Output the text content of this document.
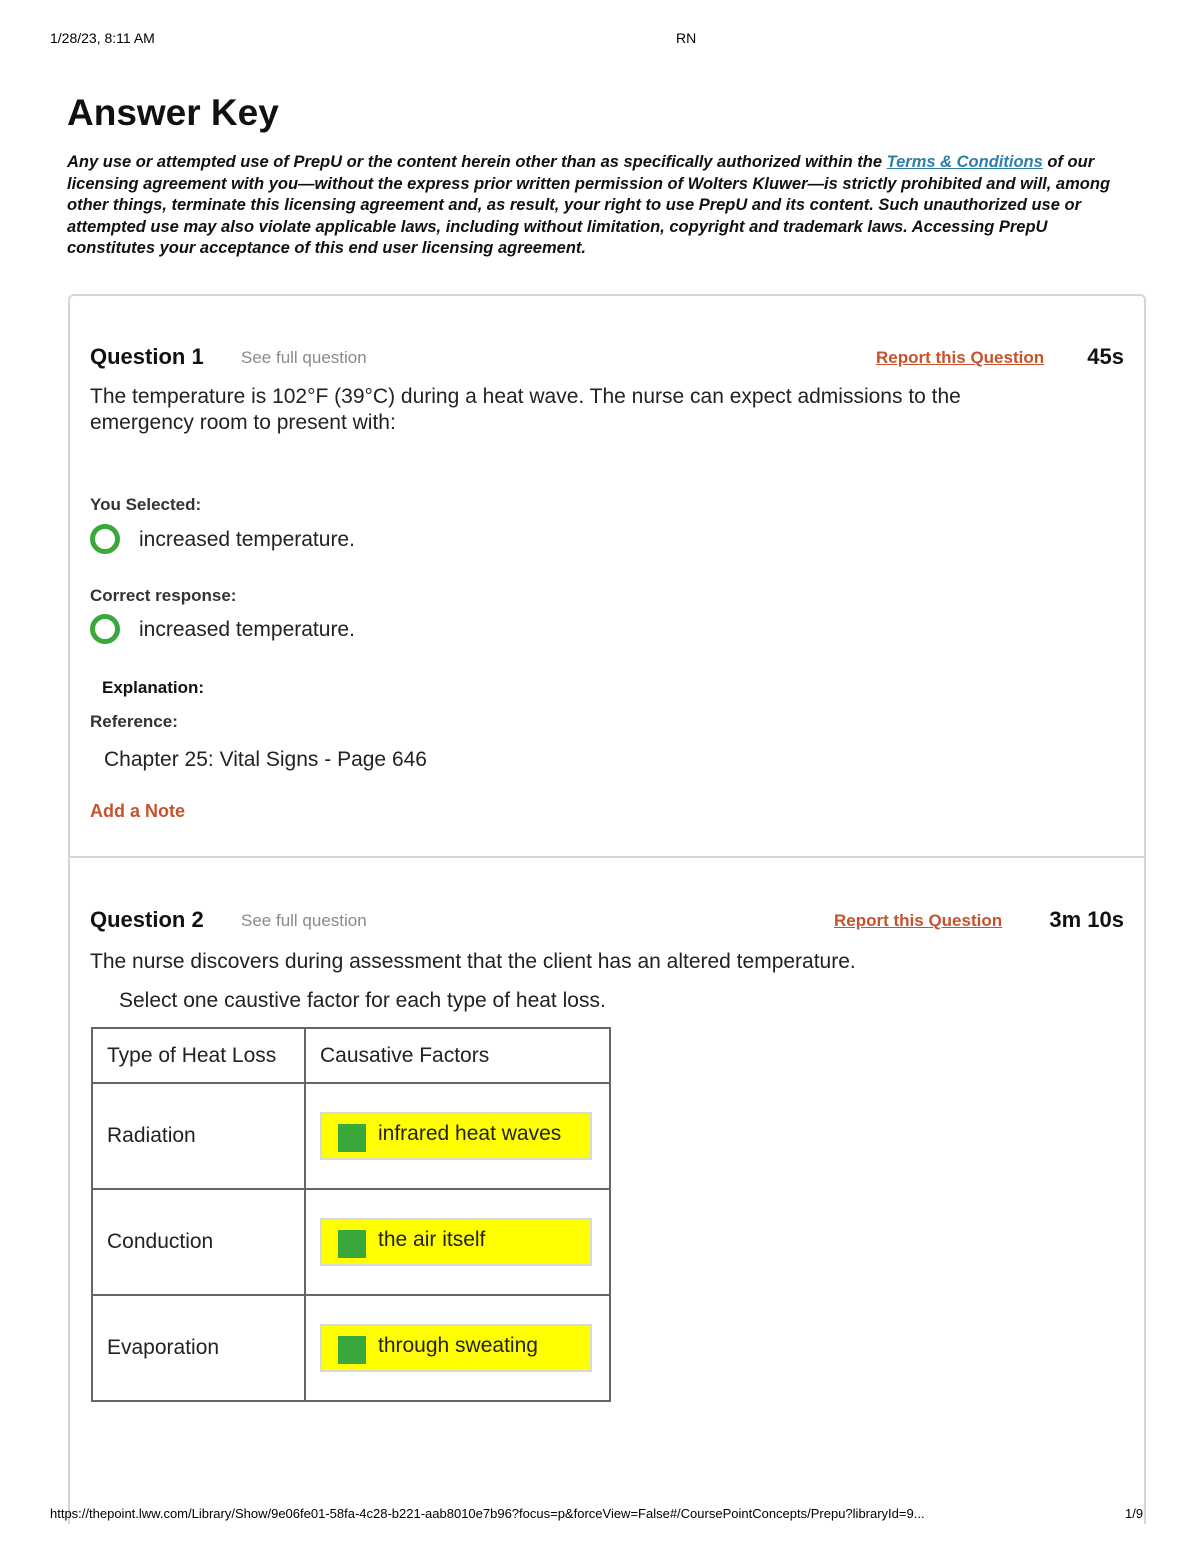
1/28/23, 8:11 AM	RN
Answer Key

Any use or attempted use of PrepU or the content herein other than as specifically authorized within the Terms & Conditions of our licensing agreement with you—without the express prior written permission of Wolters Kluwer—is strictly prohibited and will, among other things, terminate this licensing agreement and, as result, your right to use PrepU and its content. Such unauthorized use or attempted use may also violate applicable laws, including without limitation, copyright and trademark laws. Accessing PrepU constitutes your acceptance of this end user licensing agreement.

Question 1 See full question	Report this Question 45s

The temperature is 102°F (39°C) during a heat wave. The nurse can expect admissions to the emergency room to present with:

You Selected:
increased temperature.
Correct response:
increased temperature.
Explanation:
Reference:
Chapter 25: Vital Signs - Page 646
Add a Note
Question 2 See full question	Report this Question 3m 10s

The nurse discovers during assessment that the client has an altered temperature.

Select one caustive factor for each type of heat loss.

Type of Heat Loss	Causative Factors
Radiation	infrared heat waves

Conduction	the air itself

Evaporation	through sweating
https://thepoint.lww.com/Library/Show/9e06fe01-58fa-4c28-b221-aab8010e7b96?focus=p&forceView=False#/CoursePointConcepts/Prepu?libraryId=9...	1/9
